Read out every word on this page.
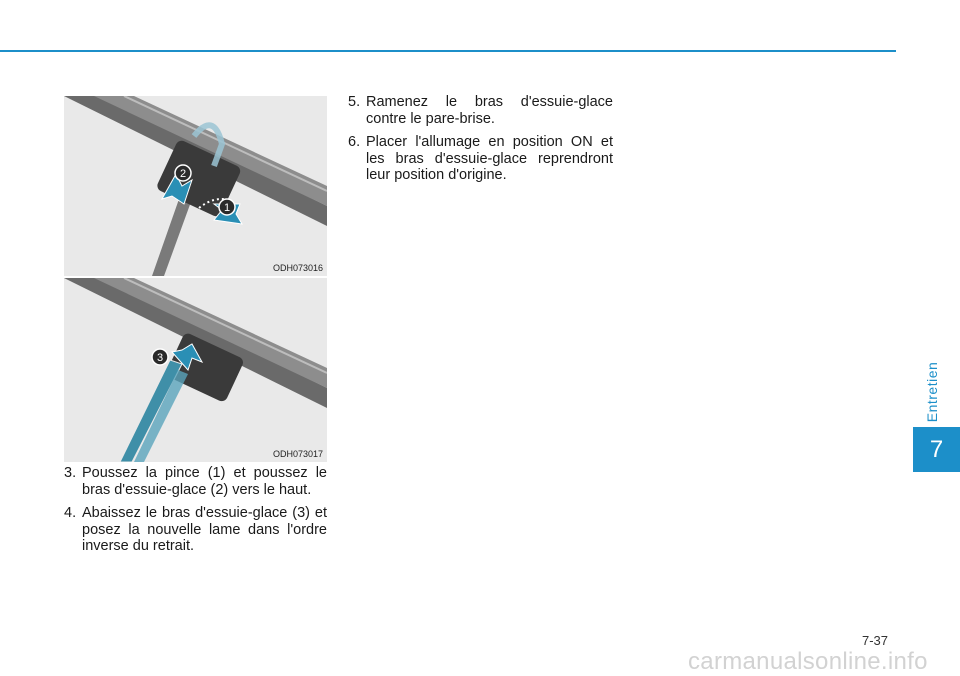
Entretien
7
2
1
ODH073016
3
ODH073017
3. Poussez la pince (1) et poussez le bras d'essuie-glace (2) vers le haut.
4. Abaissez le bras d'essuie-glace (3) et posez la nouvelle lame dans l'ordre inverse du retrait.
5. Ramenez le bras d'essuie-glace contre le pare-brise.
6. Placer l'allumage en position ON et les bras d'essuie-glace reprendront leur position d'origine.
7-37
carmanualsonline.info
